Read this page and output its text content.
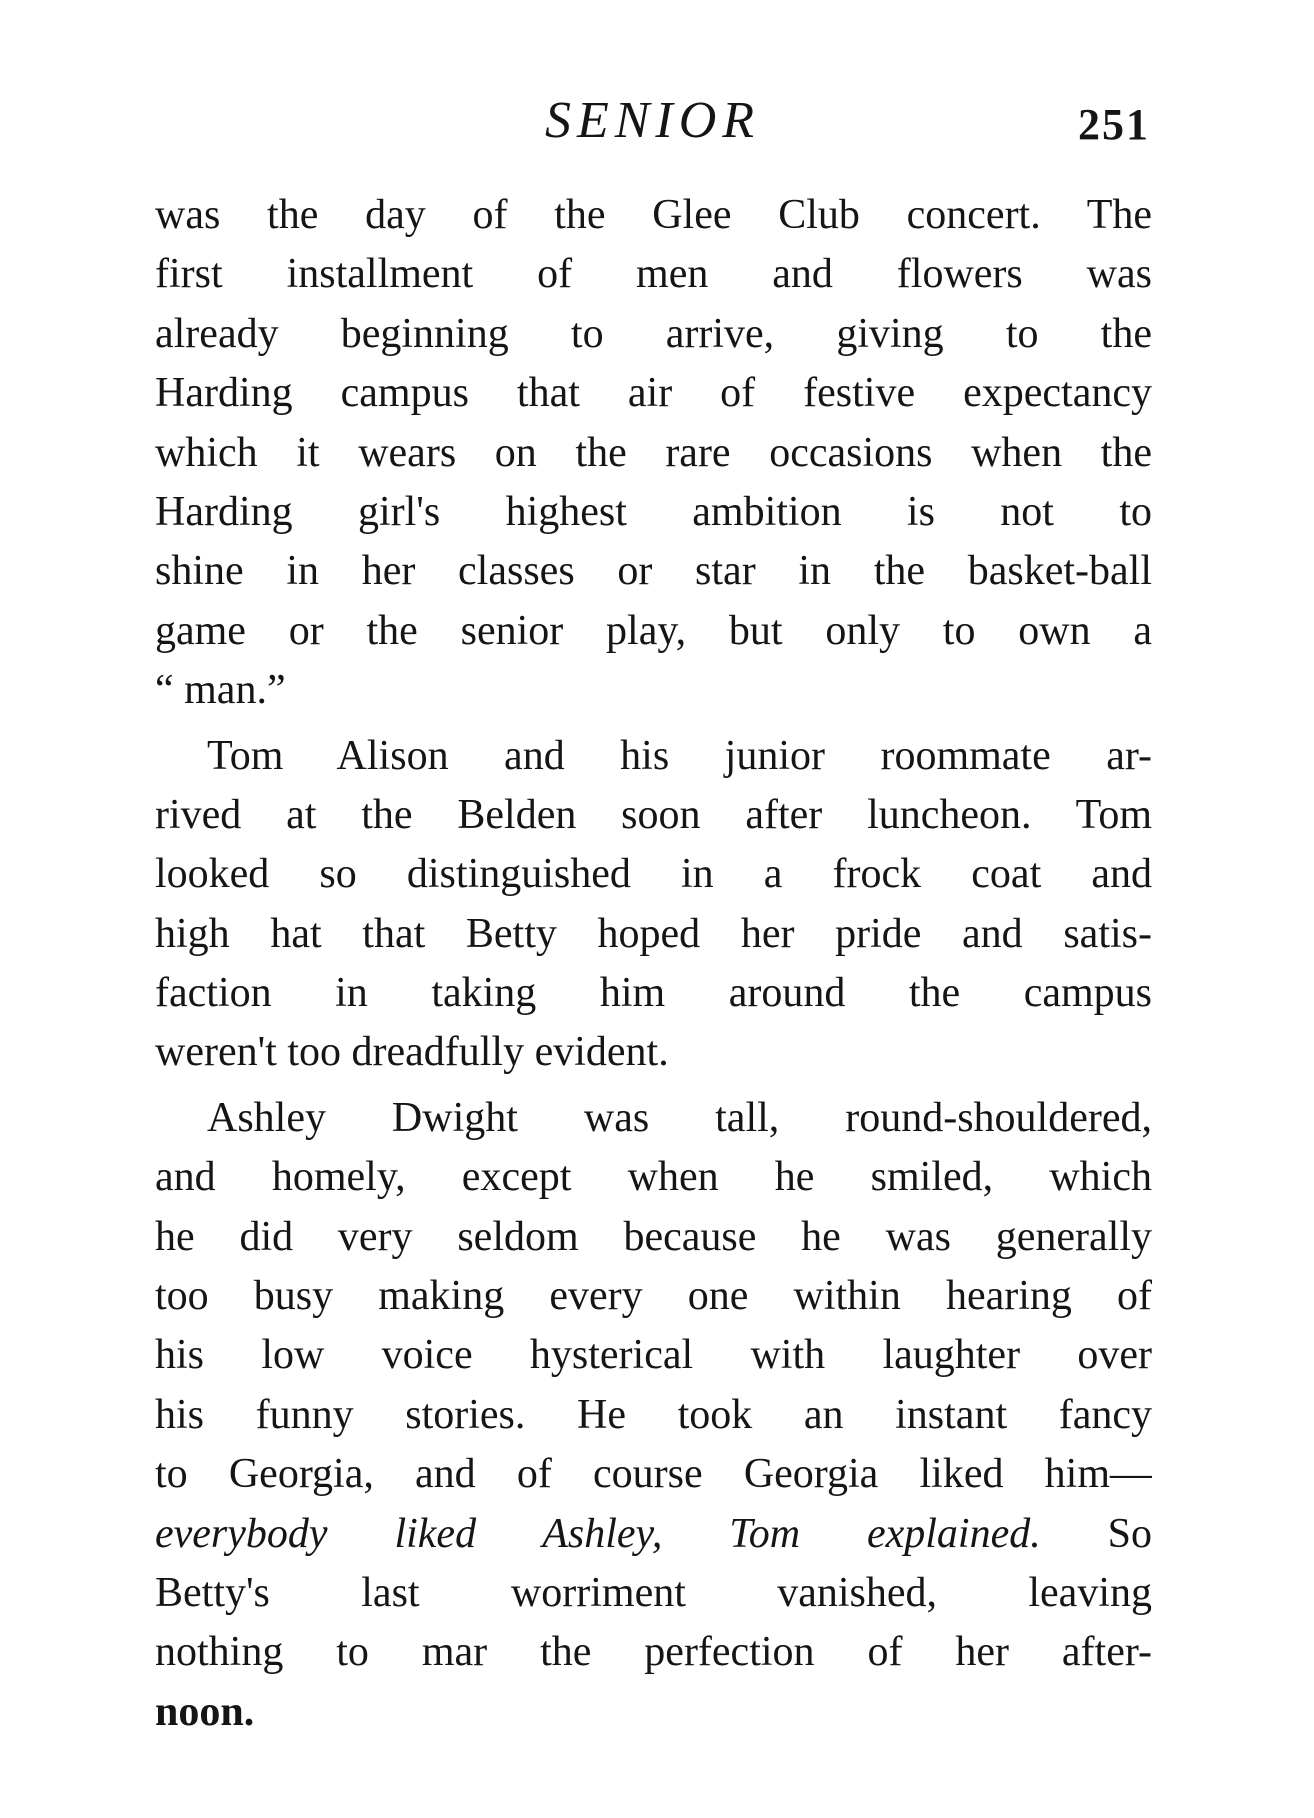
SENIOR	251
was the day of the Glee Club concert. The
first installment of men and flowers was
already beginning to arrive, giving to the
Harding campus that air of festive expectancy
which it wears on the rare occasions when the
Harding girl's highest ambition is not to
shine in her classes or star in the basket-ball
game or the senior play, but only to own a
“ man.”
Tom Alison and his junior roommate ar-
rived at the Belden soon after luncheon. Tom
looked so distinguished in a frock coat and
high hat that Betty hoped her pride and satis-
faction in taking him around the campus
weren't too dreadfully evident.
Ashley Dwight was tall, round-shouldered,
and homely, except when he smiled, which
he did very seldom because he was generally
too busy making every one within hearing of
his low voice hysterical with laughter over
his funny stories. He took an instant fancy
to Georgia, and of course Georgia liked him—
everybody liked Ashley, Tom explained. So
Betty's last worriment vanished, leaving
nothing to mar the perfection of her after-
noon.
